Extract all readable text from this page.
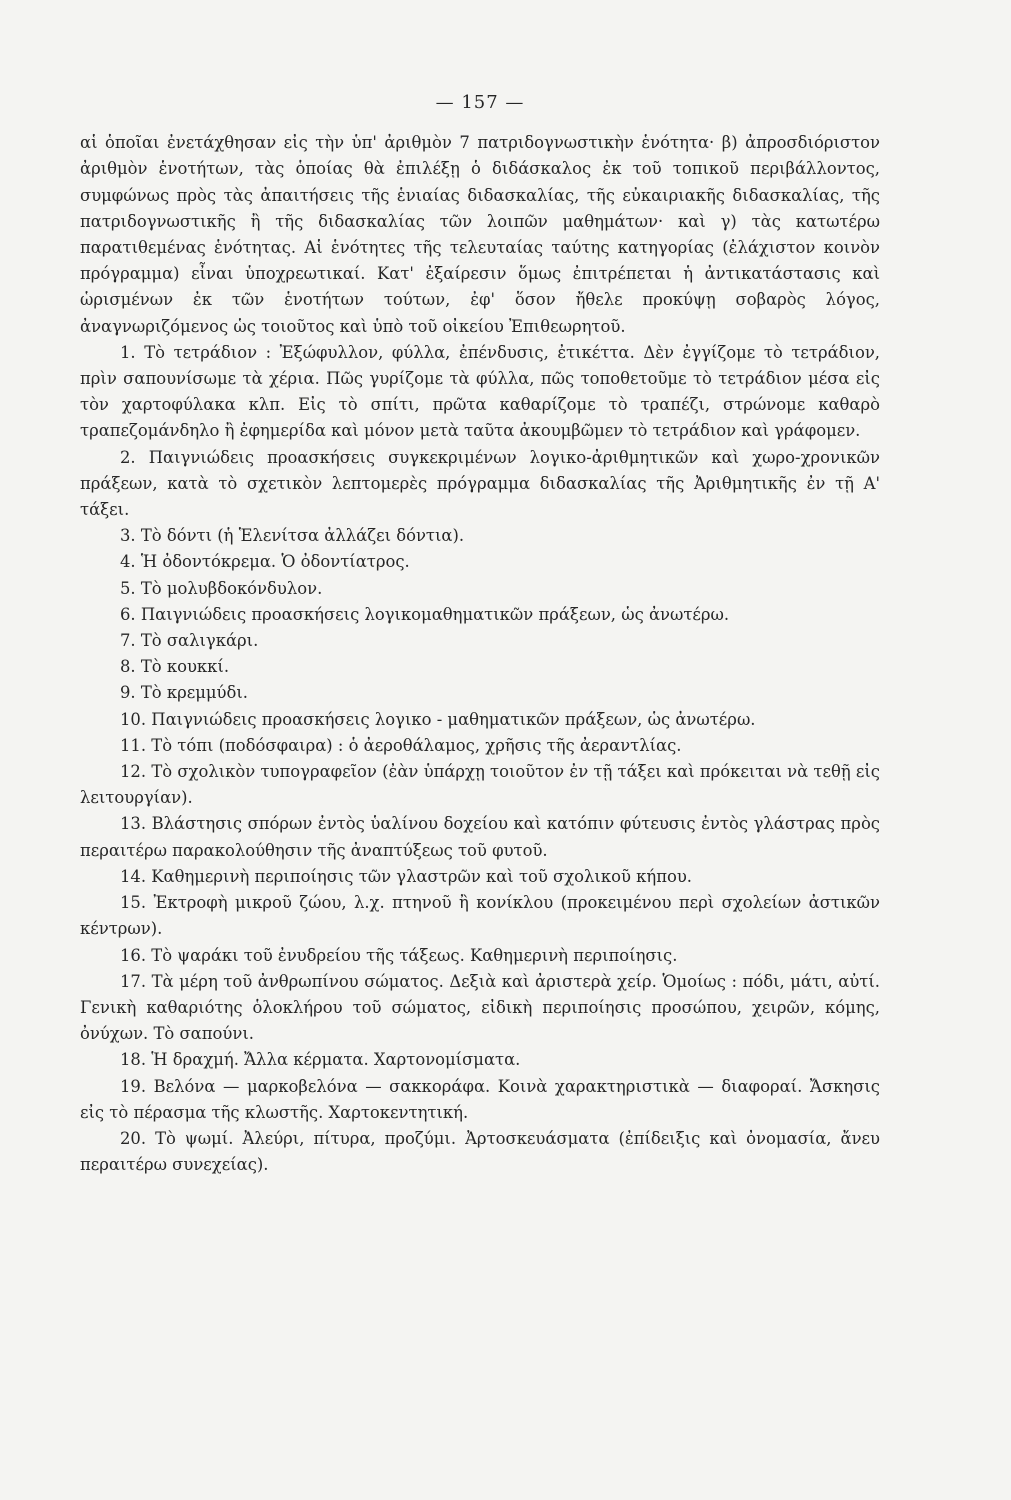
— 157 —

αἱ ὁποῖαι ἐνετάχθησαν εἰς τὴν ὑπ' ἀριθμὸν 7 πατριδογνωστικὴν ἑνότητα· β) ἀπροσδιόριστον ἀριθμὸν ἑνοτήτων, τὰς ὁποίας θὰ ἐπιλέξῃ ὁ διδάσκαλος ἐκ τοῦ τοπικοῦ περιβάλλοντος, συμφώνως πρὸς τὰς ἀπαιτήσεις τῆς ἑνιαίας διδασκαλίας, τῆς εὐκαιριακῆς διδασκαλίας, τῆς πατριδογνωστικῆς ἢ τῆς διδασκαλίας τῶν λοιπῶν μαθημάτων· καὶ γ) τὰς κατωτέρω παρατιθεμένας ἑνότητας. Αἱ ἑνότητες τῆς τελευταίας ταύτης κατηγορίας (ἐλάχιστον κοινὸν πρόγραμμα) εἶναι ὑποχρεωτικαί. Κατ' ἐξαίρεσιν ὅμως ἐπιτρέπεται ἡ ἀντικατάστασις καὶ ὡρισμένων ἐκ τῶν ἑνοτήτων τούτων, ἐφ' ὅσον ἤθελε προκύψῃ σοβαρὸς λόγος, ἀναγνωριζόμενος ὡς τοιοῦτος καὶ ὑπὸ τοῦ οἰκείου Ἐπιθεωρητοῦ.

1. Τὸ τετράδιον : Ἐξώφυλλον, φύλλα, ἐπένδυσις, ἐτικέττα. Δὲν ἐγγίζομε τὸ τετράδιον, πρὶν σαπουνίσωμε τὰ χέρια. Πῶς γυρίζομε τὰ φύλλα, πῶς τοποθετοῦμε τὸ τετράδιον μέσα εἰς τὸν χαρτοφύλακα κλπ. Εἰς τὸ σπίτι, πρῶτα καθαρίζομε τὸ τραπέζι, στρώνομε καθαρὸ τραπεζομάνδηλο ἢ ἐφημερίδα καὶ μόνον μετὰ ταῦτα ἀκουμβῶμεν τὸ τετράδιον καὶ γράφομεν.

2. Παιγνιώδεις προασκήσεις συγκεκριμένων λογικο-ἀριθμητικῶν καὶ χωρο-χρονικῶν πράξεων, κατὰ τὸ σχετικὸν λεπτομερὲς πρόγραμμα διδασκαλίας τῆς Ἀριθμητικῆς ἐν τῇ Α' τάξει.

3. Τὸ δόντι (ἡ Ἑλενίτσα ἀλλάζει δόντια).

4. Ἡ ὀδοντόκρεμα. Ὁ ὀδοντίατρος.

5. Τὸ μολυβδοκόνδυλον.

6. Παιγνιώδεις προασκήσεις λογικομαθηματικῶν πράξεων, ὡς ἀνωτέρω.

7. Τὸ σαλιγκάρι.

8. Τὸ κουκκί.

9. Τὸ κρεμμύδι.

10. Παιγνιώδεις προασκήσεις λογικο - μαθηματικῶν πράξεων, ὡς ἀνωτέρω.

11. Τὸ τόπι (ποδόσφαιρα) : ὁ ἀεροθάλαμος, χρῆσις τῆς ἀεραντλίας.

12. Τὸ σχολικὸν τυπογραφεῖον (ἐὰν ὑπάρχῃ τοιοῦτον ἐν τῇ τάξει καὶ πρόκειται νὰ τεθῇ εἰς λειτουργίαν).

13. Βλάστησις σπόρων ἐντὸς ὑαλίνου δοχείου καὶ κατόπιν φύτευσις ἐντὸς γλάστρας πρὸς περαιτέρω παρακολούθησιν τῆς ἀναπτύξεως τοῦ φυτοῦ.

14. Καθημερινὴ περιποίησις τῶν γλαστρῶν καὶ τοῦ σχολικοῦ κήπου.

15. Ἐκτροφὴ μικροῦ ζώου, λ.χ. πτηνοῦ ἢ κονίκλου (προκειμένου περὶ σχολείων ἀστικῶν κέντρων).

16. Τὸ ψαράκι τοῦ ἐνυδρείου τῆς τάξεως. Καθημερινὴ περιποίησις.

17. Τὰ μέρη τοῦ ἀνθρωπίνου σώματος. Δεξιὰ καὶ ἀριστερὰ χείρ. Ὁμοίως : πόδι, μάτι, αὐτί. Γενικὴ καθαριότης ὁλοκλήρου τοῦ σώματος, εἰδικὴ περιποίησις προσώπου, χειρῶν, κόμης, ὀνύχων. Τὸ σαπούνι.

18. Ἡ δραχμή. Ἄλλα κέρματα. Χαρτονομίσματα.

19. Βελόνα — μαρκοβελόνα — σακκοράφα. Κοινὰ χαρακτηριστικὰ — διαφοραί. Ἄσκησις εἰς τὸ πέρασμα τῆς κλωστῆς. Χαρτοκεντητική.

20. Τὸ ψωμί. Ἀλεύρι, πίτυρα, προζύμι. Ἀρτοσκευάσματα (ἐπίδειξις καὶ ὀνομασία, ἄνευ περαιτέρω συνεχείας).
